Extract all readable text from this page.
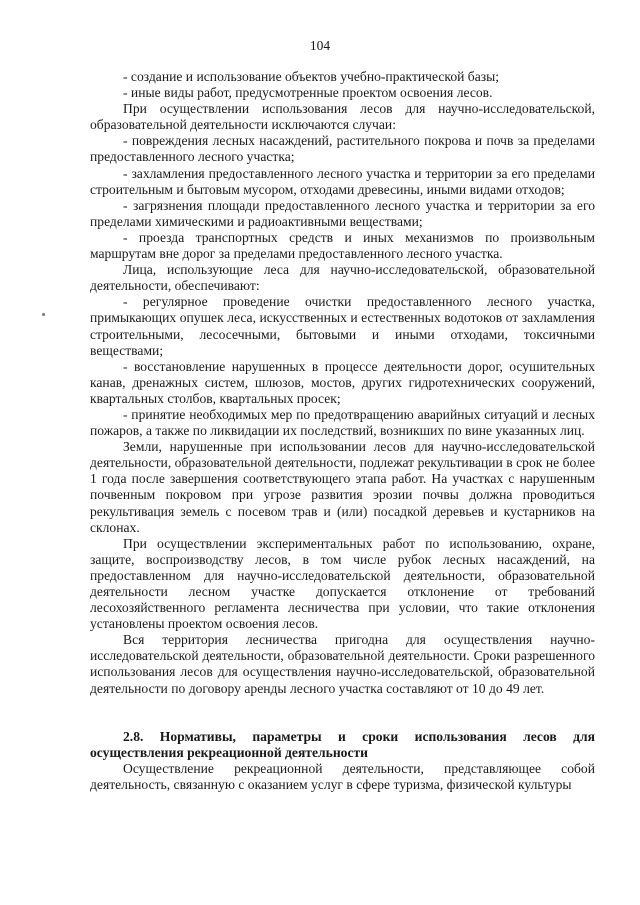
104

- создание и использование объектов учебно-практической базы;

- иные виды работ, предусмотренные проектом освоения лесов.

При осуществлении использования лесов для научно-исследовательской, образовательной деятельности исключаются случаи:

- повреждения лесных насаждений, растительного покрова и почв за пределами предоставленного лесного участка;

- захламления предоставленного лесного участка и территории за его пределами строительным и бытовым мусором, отходами древесины, иными видами отходов;

- загрязнения площади предоставленного лесного участка и территории за его пределами химическими и радиоактивными веществами;

- проезда транспортных средств и иных механизмов по произвольным маршрутам вне дорог за пределами предоставленного лесного участка.

Лица, использующие леса для научно-исследовательской, образовательной деятельности, обеспечивают:

- регулярное проведение очистки предоставленного лесного участка, примыкающих опушек леса, искусственных и естественных водотоков от захламления строительными, лесосечными, бытовыми и иными отходами, токсичными веществами;

- восстановление нарушенных в процессе деятельности дорог, осушительных канав, дренажных систем, шлюзов, мостов, других гидротехнических сооружений, квартальных столбов, квартальных просек;

- принятие необходимых мер по предотвращению аварийных ситуаций и лесных пожаров, а также по ликвидации их последствий, возникших по вине указанных лиц.

Земли, нарушенные при использовании лесов для научно-исследовательской деятельности, образовательной деятельности, подлежат рекультивации в срок не более 1 года после завершения соответствующего этапа работ. На участках с нарушенным почвенным покровом при угрозе развития эрозии почвы должна проводиться рекультивация земель с посевом трав и (или) посадкой деревьев и кустарников на склонах.

При осуществлении экспериментальных работ по использованию, охране, защите, воспроизводству лесов, в том числе рубок лесных насаждений, на предоставленном для научно-исследовательской деятельности, образовательной деятельности лесном участке допускается отклонение от требований лесохозяйственного регламента лесничества при условии, что такие отклонения установлены проектом освоения лесов.

Вся территория лесничества пригодна для осуществления научно-исследовательской деятельности, образовательной деятельности. Сроки разрешенного использования лесов для осуществления научно-исследовательской, образовательной деятельности по договору аренды лесного участка составляют от 10 до 49 лет.

2.8. Нормативы, параметры и сроки использования лесов для осуществления рекреационной деятельности

Осуществление рекреационной деятельности, представляющее собой деятельность, связанную с оказанием услуг в сфере туризма, физической культуры
